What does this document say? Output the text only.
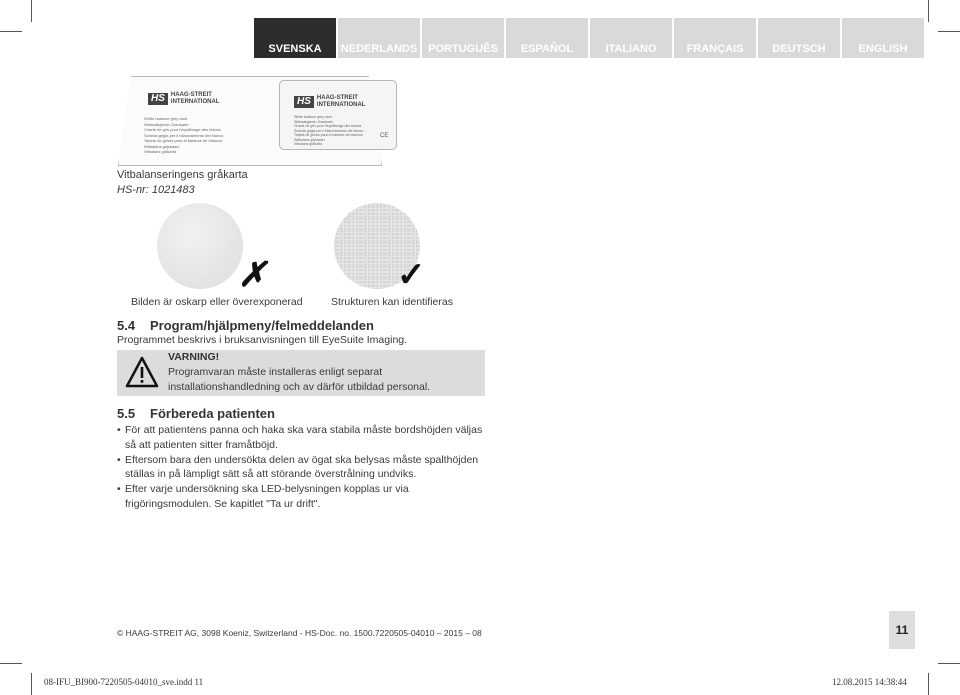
SVENSKA	NEDERLANDS PORTUGUÊS	ESPAÑOL	ITALIANO	FRANÇAIS	DEUTSCH	ENGLISH
HS	HAAG-STREIT
INTERNATIONAL
White balance grey card
Weissabgleich Graukarte
Charte de gris pour l'équilibrage des blancs
Scheda grigia per il bilanciamento del bianco
Tarjeta de grises para el balance de blancos
Witbalans grijskaart
Vitbalans gråkarta
HS	HAAG-STREIT
INTERNATIONAL
White balance grey card
Weissabgleich Graukarte
Charte de gris pour l'équilibrage des blancs
Scheda grigia per il bilanciamento del bianco
Tarjeta de grises para el balance de blancos
Witbalans grijskaart
Vitbalans gråkarta
CE
Vitbalanseringens gråkarta
HS-nr: 1021483
✗
Bilden är oskarp eller överexponerad
✓
Strukturen kan identifieras
5.4 Program/hjälpmeny/felmeddelanden
Programmet beskrivs i bruksanvisningen till EyeSuite Imaging.
VARNING!
Programvaran måste installeras enligt separat installationshandledning och av därför utbildad personal.
5.5 Förbereda patienten
• För att patientens panna och haka ska vara stabila måste bordshöjden väljas så att patienten sitter framåtböjd.
• Eftersom bara den undersökta delen av ögat ska belysas måste spalthöjden ställas in på lämpligt sätt så att störande överstrålning undviks.
• Efter varje undersökning ska LED-belysningen kopplas ur via frigöringsmodulen. Se kapitlet "Ta ur drift".
© HAAG-STREIT AG, 3098 Koeniz, Switzerland - HS-Doc. no. 1500.7220505-04010 – 2015 – 08	11
08-IFU_BI900-7220505-04010_sve.indd 11	12.08.2015 14:38:44
